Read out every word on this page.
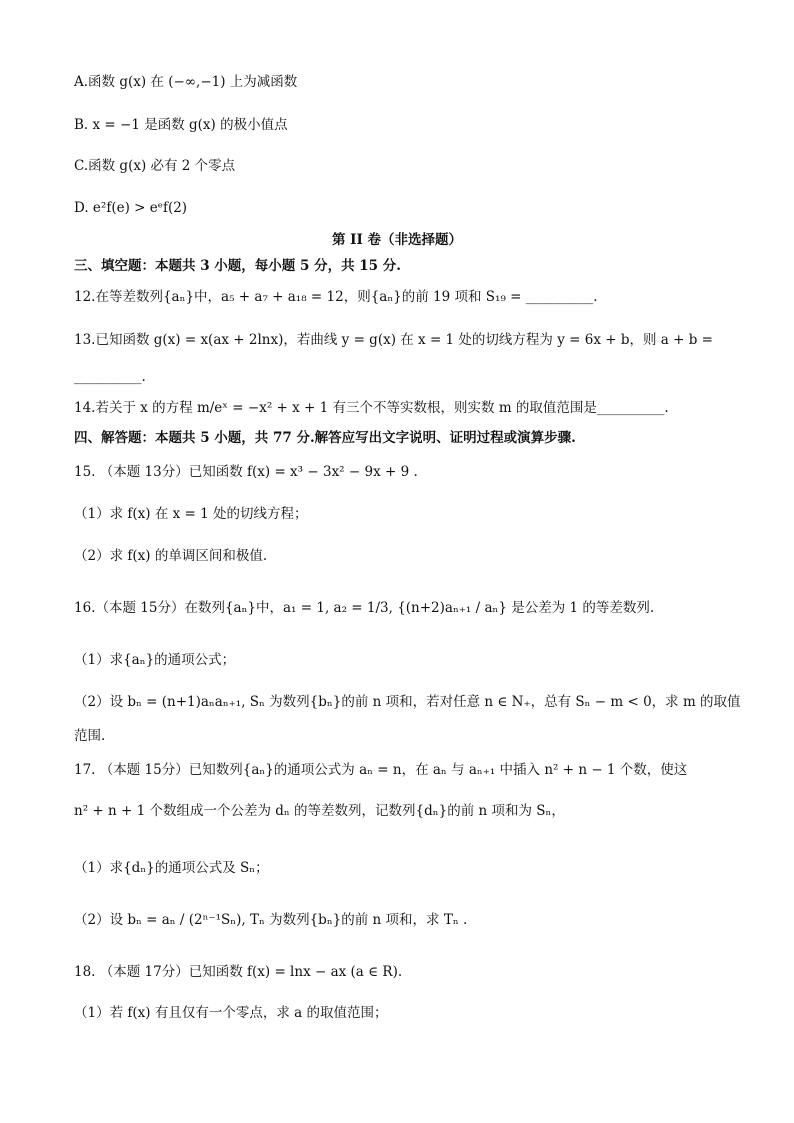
A.函数 g(x) 在 (−∞,−1) 上为减函数
B. x = −1 是函数 g(x) 的极小值点
C.函数 g(x) 必有 2 个零点
D. e²f(e) > eᵉf(2)
第 II 卷（非选择题）
三、填空题：本题共 3 小题，每小题 5 分，共 15 分.
12.在等差数列{aₙ}中，a₅ + a₇ + a₁₈ = 12，则{aₙ}的前 19 项和 S₁₉ = __________.
13.已知函数 g(x) = x(ax + 2lnx)，若曲线 y = g(x) 在 x = 1 处的切线方程为 y = 6x + b，则 a + b =
__________.
14.若关于 x 的方程 m/eˣ = −x² + x + 1 有三个不等实数根，则实数 m 的取值范围是__________.
四、解答题：本题共 5 小题，共 77 分.解答应写出文字说明、证明过程或演算步骤.
15. （本题 13分）已知函数 f(x) = x³ − 3x² − 9x + 9 .
（1）求 f(x) 在 x = 1 处的切线方程；
（2）求 f(x) 的单调区间和极值.
16.（本题 15分）在数列{aₙ}中，a₁ = 1, a₂ = 1/3, {(n+2)aₙ₊₁ / aₙ} 是公差为 1 的等差数列.
（1）求{aₙ}的通项公式；
（2）设 bₙ = (n+1)aₙaₙ₊₁, Sₙ 为数列{bₙ}的前 n 项和，若对任意 n ∈ N₊，总有 Sₙ − m < 0，求 m 的取值
范围.
17. （本题 15分）已知数列{aₙ}的通项公式为 aₙ = n，在 aₙ 与 aₙ₊₁ 中插入 n² + n − 1 个数，使这
n² + n + 1 个数组成一个公差为 dₙ 的等差数列，记数列{dₙ}的前 n 项和为 Sₙ，
（1）求{dₙ}的通项公式及 Sₙ；
（2）设 bₙ = aₙ / (2ⁿ⁻¹Sₙ), Tₙ 为数列{bₙ}的前 n 项和，求 Tₙ .
18. （本题 17分）已知函数 f(x) = lnx − ax (a ∈ R).
（1）若 f(x) 有且仅有一个零点，求 a 的取值范围；
